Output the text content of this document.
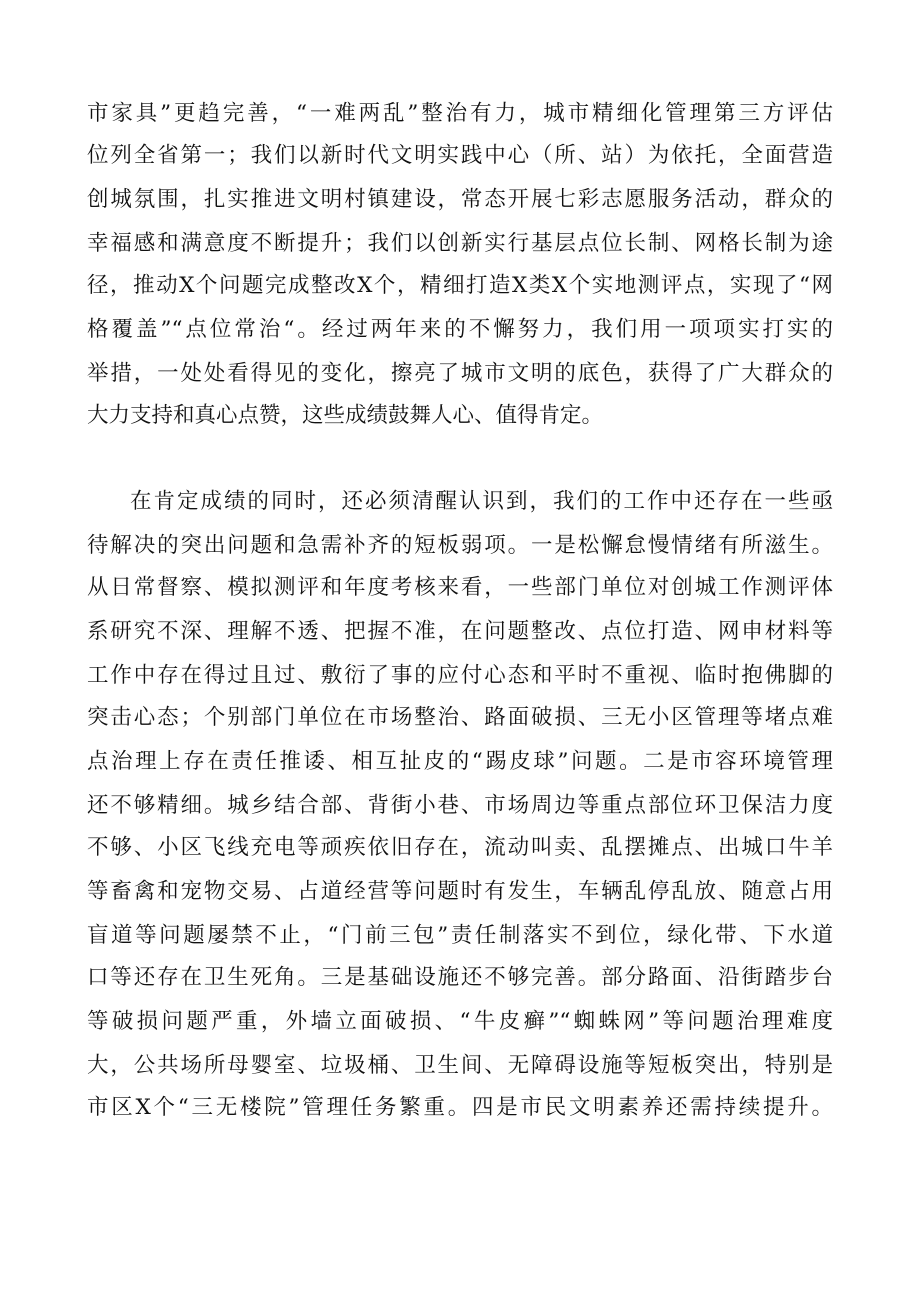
市家具”更趋完善，“一难两乱”整治有力，城市精细化管理第三方评估
位列全省第一；我们以新时代文明实践中心（所、站）为依托，全面营造
创城氛围，扎实推进文明村镇建设，常态开展七彩志愿服务活动，群众的
幸福感和满意度不断提升；我们以创新实行基层点位长制、网格长制为途
径，推动X个问题完成整改X个，精细打造X类X个实地测评点，实现了“网
格覆盖”“点位常治“。经过两年来的不懈努力，我们用一项项实打实的
举措，一处处看得见的变化，擦亮了城市文明的底色，获得了广大群众的
大力支持和真心点赞，这些成绩鼓舞人心、值得肯定。
在肯定成绩的同时，还必须清醒认识到，我们的工作中还存在一些亟
待解决的突出问题和急需补齐的短板弱项。一是松懈怠慢情绪有所滋生。
从日常督察、模拟测评和年度考核来看，一些部门单位对创城工作测评体
系研究不深、理解不透、把握不准，在问题整改、点位打造、网申材料等
工作中存在得过且过、敷衍了事的应付心态和平时不重视、临时抱佛脚的
突击心态；个别部门单位在市场整治、路面破损、三无小区管理等堵点难
点治理上存在责任推诿、相互扯皮的“踢皮球”问题。二是市容环境管理
还不够精细。城乡结合部、背街小巷、市场周边等重点部位环卫保洁力度
不够、小区飞线充电等顽疾依旧存在，流动叫卖、乱摆摊点、出城口牛羊
等畜禽和宠物交易、占道经营等问题时有发生，车辆乱停乱放、随意占用
盲道等问题屡禁不止，“门前三包”责任制落实不到位，绿化带、下水道
口等还存在卫生死角。三是基础设施还不够完善。部分路面、沿街踏步台
等破损问题严重，外墙立面破损、“牛皮癣”“蜘蛛网”等问题治理难度
大，公共场所母婴室、垃圾桶、卫生间、无障碍设施等短板突出，特别是
市区X个“三无楼院”管理任务繁重。四是市民文明素养还需持续提升。
